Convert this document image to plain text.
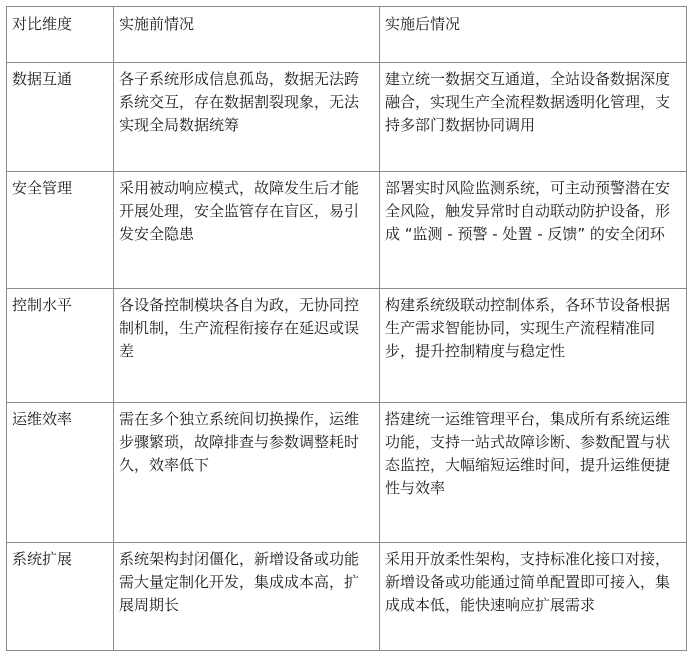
对比维度	实施前情况	实施后情况
数据互通	各子系统形成信息孤岛，数据无法跨系统交互，存在数据割裂现象，无法实现全局数据统筹	建立统一数据交互通道，全站设备数据深度融合，实现生产全流程数据透明化管理，支持多部门数据协同调用
安全管理	采用被动响应模式，故障发生后才能开展处理，安全监管存在盲区，易引发安全隐患	部署实时风险监测系统，可主动预警潜在安全风险，触发异常时自动联动防护设备，形成 “监测 - 预警 - 处置 - 反馈” 的安全闭环
控制水平	各设备控制模块各自为政，无协同控制机制，生产流程衔接存在延迟或误差	构建系统级联动控制体系，各环节设备根据生产需求智能协同，实现生产流程精准同步，提升控制精度与稳定性
运维效率	需在多个独立系统间切换操作，运维步骤繁琐，故障排查与参数调整耗时久，效率低下	搭建统一运维管理平台，集成所有系统运维功能，支持一站式故障诊断、参数配置与状态监控，大幅缩短运维时间，提升运维便捷性与效率
系统扩展	系统架构封闭僵化，新增设备或功能需大量定制化开发，集成成本高，扩展周期长	采用开放柔性架构，支持标准化接口对接，新增设备或功能通过简单配置即可接入，集成成本低，能快速响应扩展需求
